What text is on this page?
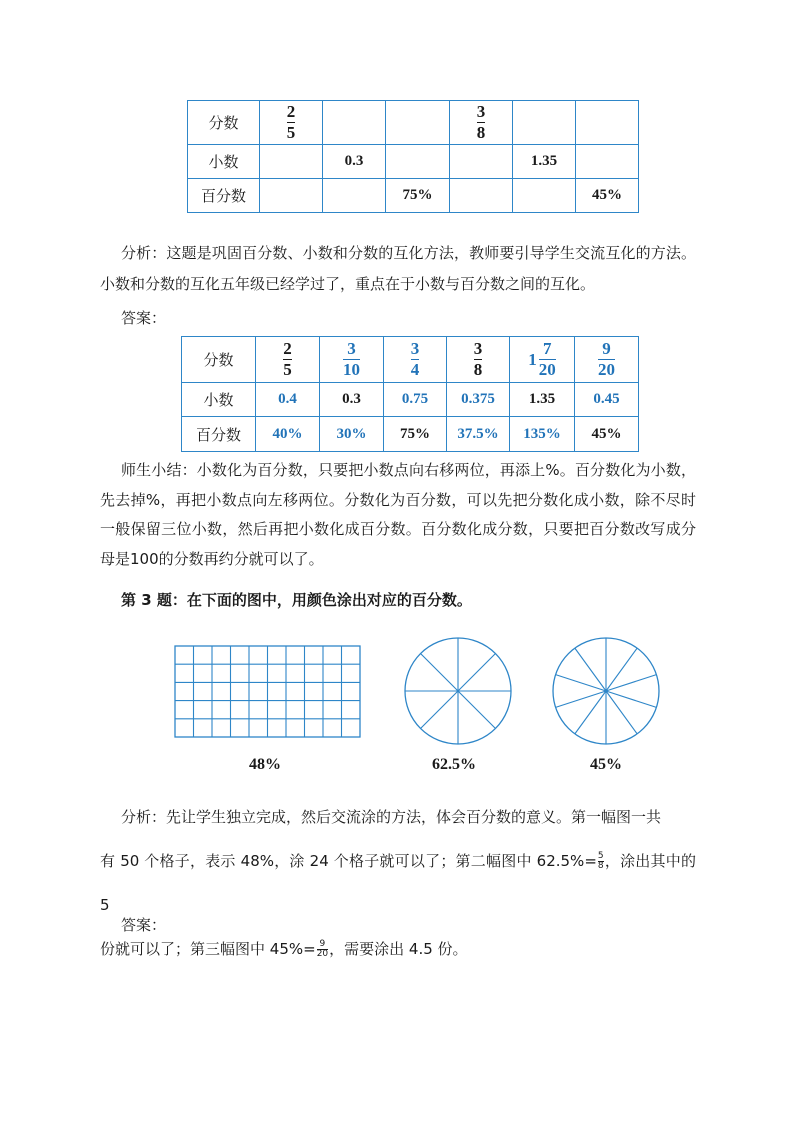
分数	$\frac{2}{5}$			$\frac{3}{8}$

小数		0.3			1.35	
百分数			75%			45%

分析：这题是巩固百分数、小数和分数的互化方法，教师要引导学生交流互化的方法。小数和分数的互化五年级已经学过了，重点在于小数与百分数之间的互化。

答案：

分数	$\frac{2}{5}$	$\frac{3}{10}$	$\frac{3}{4}$	$\frac{3}{8}$	$1 \frac{7}{20}$	$\frac{9}{20}$

小数	0.4	0.3	0.75	0.375	1.35	0.45
百分数	40%	30%	75%	37.5%	135%	45%

师生小结：小数化为百分数，只要把小数点向右移两位，再添上%。百分数化为小数，先去掉%，再把小数点向左移两位。分数化为百分数，可以先把分数化成小数，除不尽时一般保留三位小数，然后再把小数化成百分数。百分数化成分数，只要把百分数改写成分母是100的分数再约分就可以了。

第 3 题：在下面的图中，用颜色涂出对应的百分数。

48%	62.5%	45%
分析：先让学生独立完成，然后交流涂的方法，体会百分数的意义。第一幅图一共
有 50 个格子，表示 48%，涂 24 个格子就可以了；第二幅图中 $62.5\%= \frac{5}{8}$ ，涂出其中的 5
份就可以了；第三幅图中 $45\%= \frac{9}{20}$ ，需要涂出 4.5 份。

答案：
